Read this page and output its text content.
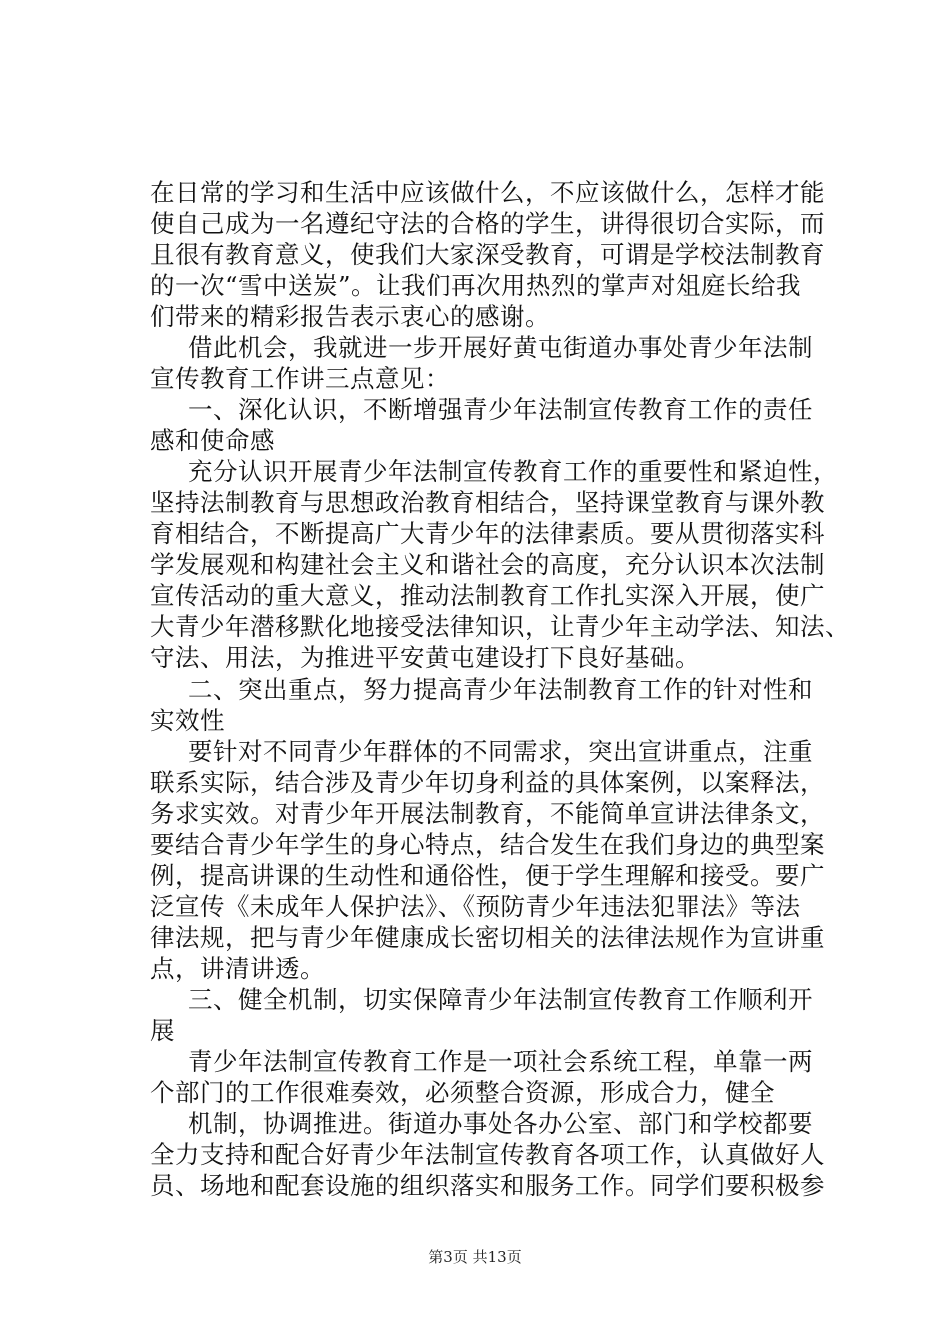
在日常的学习和生活中应该做什么，不应该做什么，怎样才能
使自己成为一名遵纪守法的合格的学生，讲得很切合实际，而
且很有教育意义，使我们大家深受教育，可谓是学校法制教育
的一次“雪中送炭”。让我们再次用热烈的掌声对俎庭长给我
们带来的精彩报告表示衷心的感谢。
借此机会，我就进一步开展好黄屯街道办事处青少年法制
宣传教育工作讲三点意见：
一、深化认识，不断增强青少年法制宣传教育工作的责任
感和使命感
充分认识开展青少年法制宣传教育工作的重要性和紧迫性，
坚持法制教育与思想政治教育相结合，坚持课堂教育与课外教
育相结合，不断提高广大青少年的法律素质。要从贯彻落实科
学发展观和构建社会主义和谐社会的高度，充分认识本次法制
宣传活动的重大意义，推动法制教育工作扎实深入开展，使广
大青少年潜移默化地接受法律知识，让青少年主动学法、知法、
守法、用法，为推进平安黄屯建设打下良好基础。
二、突出重点，努力提高青少年法制教育工作的针对性和
实效性
要针对不同青少年群体的不同需求，突出宣讲重点，注重
联系实际，结合涉及青少年切身利益的具体案例，以案释法，
务求实效。对青少年开展法制教育，不能简单宣讲法律条文，
要结合青少年学生的身心特点，结合发生在我们身边的典型案
例，提高讲课的生动性和通俗性，便于学生理解和接受。要广
泛宣传《未成年人保护法》、《预防青少年违法犯罪法》等法
律法规，把与青少年健康成长密切相关的法律法规作为宣讲重
点，讲清讲透。
三、健全机制，切实保障青少年法制宣传教育工作顺利开
展
青少年法制宣传教育工作是一项社会系统工程，单靠一两
个部门的工作很难奏效，必须整合资源，形成合力，健全
机制，协调推进。街道办事处各办公室、部门和学校都要
第3页 共13页
全力支持和配合好青少年法制宣传教育各项工作，认真做好人
员、场地和配套设施的组织落实和服务工作。同学们要积极参
